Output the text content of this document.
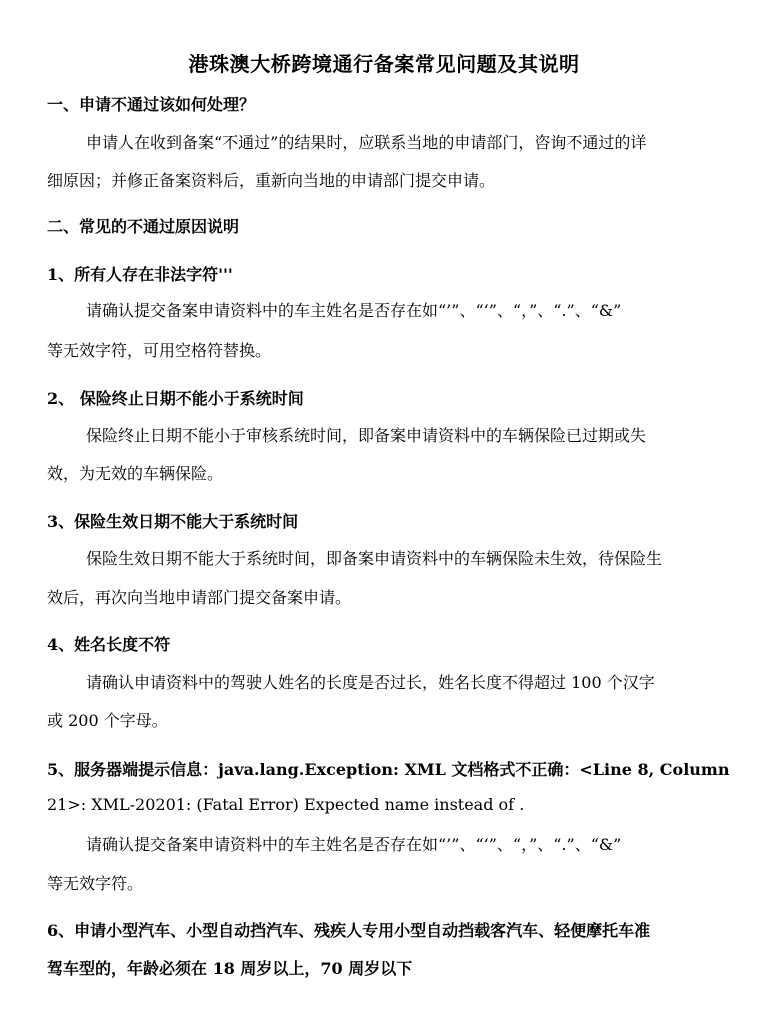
港珠澳大桥跨境通行备案常见问题及其说明
一、申请不通过该如何处理？
申请人在收到备案“不通过”的结果时，应联系当地的申请部门，咨询不通过的详
细原因；并修正备案资料后，重新向当地的申请部门提交申请。
二、常见的不通过原因说明
1、所有人存在非法字符'''
请确认提交备案申请资料中的车主姓名是否存在如“’”、“‘”、“，”、“.”、“&”
等无效字符，可用空格符替换。
2、 保险终止日期不能小于系统时间
保险终止日期不能小于审核系统时间，即备案申请资料中的车辆保险已过期或失
效，为无效的车辆保险。
3、保险生效日期不能大于系统时间
保险生效日期不能大于系统时间，即备案申请资料中的车辆保险未生效，待保险生
效后，再次向当地申请部门提交备案申请。
4、姓名长度不符
请确认申请资料中的驾驶人姓名的长度是否过长，姓名长度不得超过 100 个汉字
或 200 个字母。
5、服务器端提示信息：java.lang.Exception: XML 文档格式不正确：<Line 8, Column
21>: XML-20201: (Fatal Error) Expected name instead of .
请确认提交备案申请资料中的车主姓名是否存在如“’”、“‘”、“，”、“.”、“&”
等无效字符。
6、申请小型汽车、小型自动挡汽车、残疾人专用小型自动挡载客汽车、轻便摩托车准
驾车型的，年龄必须在 18 周岁以上，70 周岁以下
